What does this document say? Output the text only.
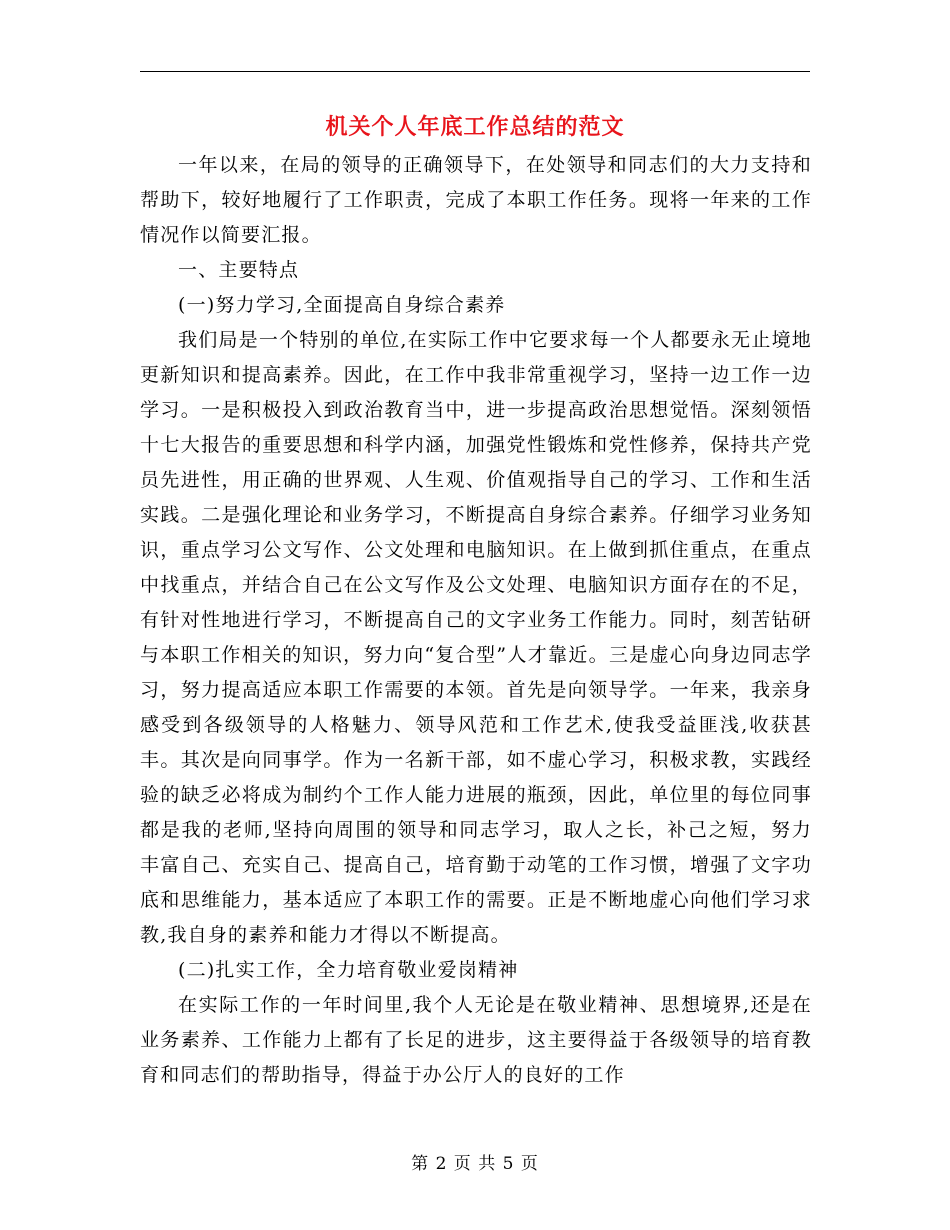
机关个人年底工作总结的范文

一年以来，在局的领导的正确领导下，在处领导和同志们的大力支持和帮助下，较好地履行了工作职责，完成了本职工作任务。现将一年来的工作情况作以简要汇报。

一、主要特点

(一)努力学习,全面提高自身综合素养

我们局是一个特别的单位,在实际工作中它要求每一个人都要永无止境地更新知识和提高素养。因此，在工作中我非常重视学习，坚持一边工作一边学习。一是积极投入到政治教育当中，进一步提高政治思想觉悟。深刻领悟十七大报告的重要思想和科学内涵，加强党性锻炼和党性修养，保持共产党员先进性，用正确的世界观、人生观、价值观指导自己的学习、工作和生活实践。二是强化理论和业务学习，不断提高自身综合素养。仔细学习业务知识，重点学习公文写作、公文处理和电脑知识。在上做到抓住重点，在重点中找重点，并结合自己在公文写作及公文处理、电脑知识方面存在的不足，有针对性地进行学习，不断提高自己的文字业务工作能力。同时，刻苦钻研与本职工作相关的知识，努力向“复合型”人才靠近。三是虚心向身边同志学习，努力提高适应本职工作需要的本领。首先是向领导学。一年来，我亲身感受到各级领导的人格魅力、领导风范和工作艺术,使我受益匪浅,收获甚丰。其次是向同事学。作为一名新干部，如不虚心学习，积极求教，实践经验的缺乏必将成为制约个工作人能力进展的瓶颈，因此，单位里的每位同事都是我的老师,坚持向周围的领导和同志学习，取人之长，补己之短，努力丰富自己、充实自己、提高自己，培育勤于动笔的工作习惯，增强了文字功底和思维能力，基本适应了本职工作的需要。正是不断地虚心向他们学习求教,我自身的素养和能力才得以不断提高。

(二)扎实工作，全力培育敬业爱岗精神

在实际工作的一年时间里,我个人无论是在敬业精神、思想境界,还是在业务素养、工作能力上都有了长足的进步，这主要得益于各级领导的培育教育和同志们的帮助指导，得益于办公厅人的良好的工作

第 2 页 共 5 页
